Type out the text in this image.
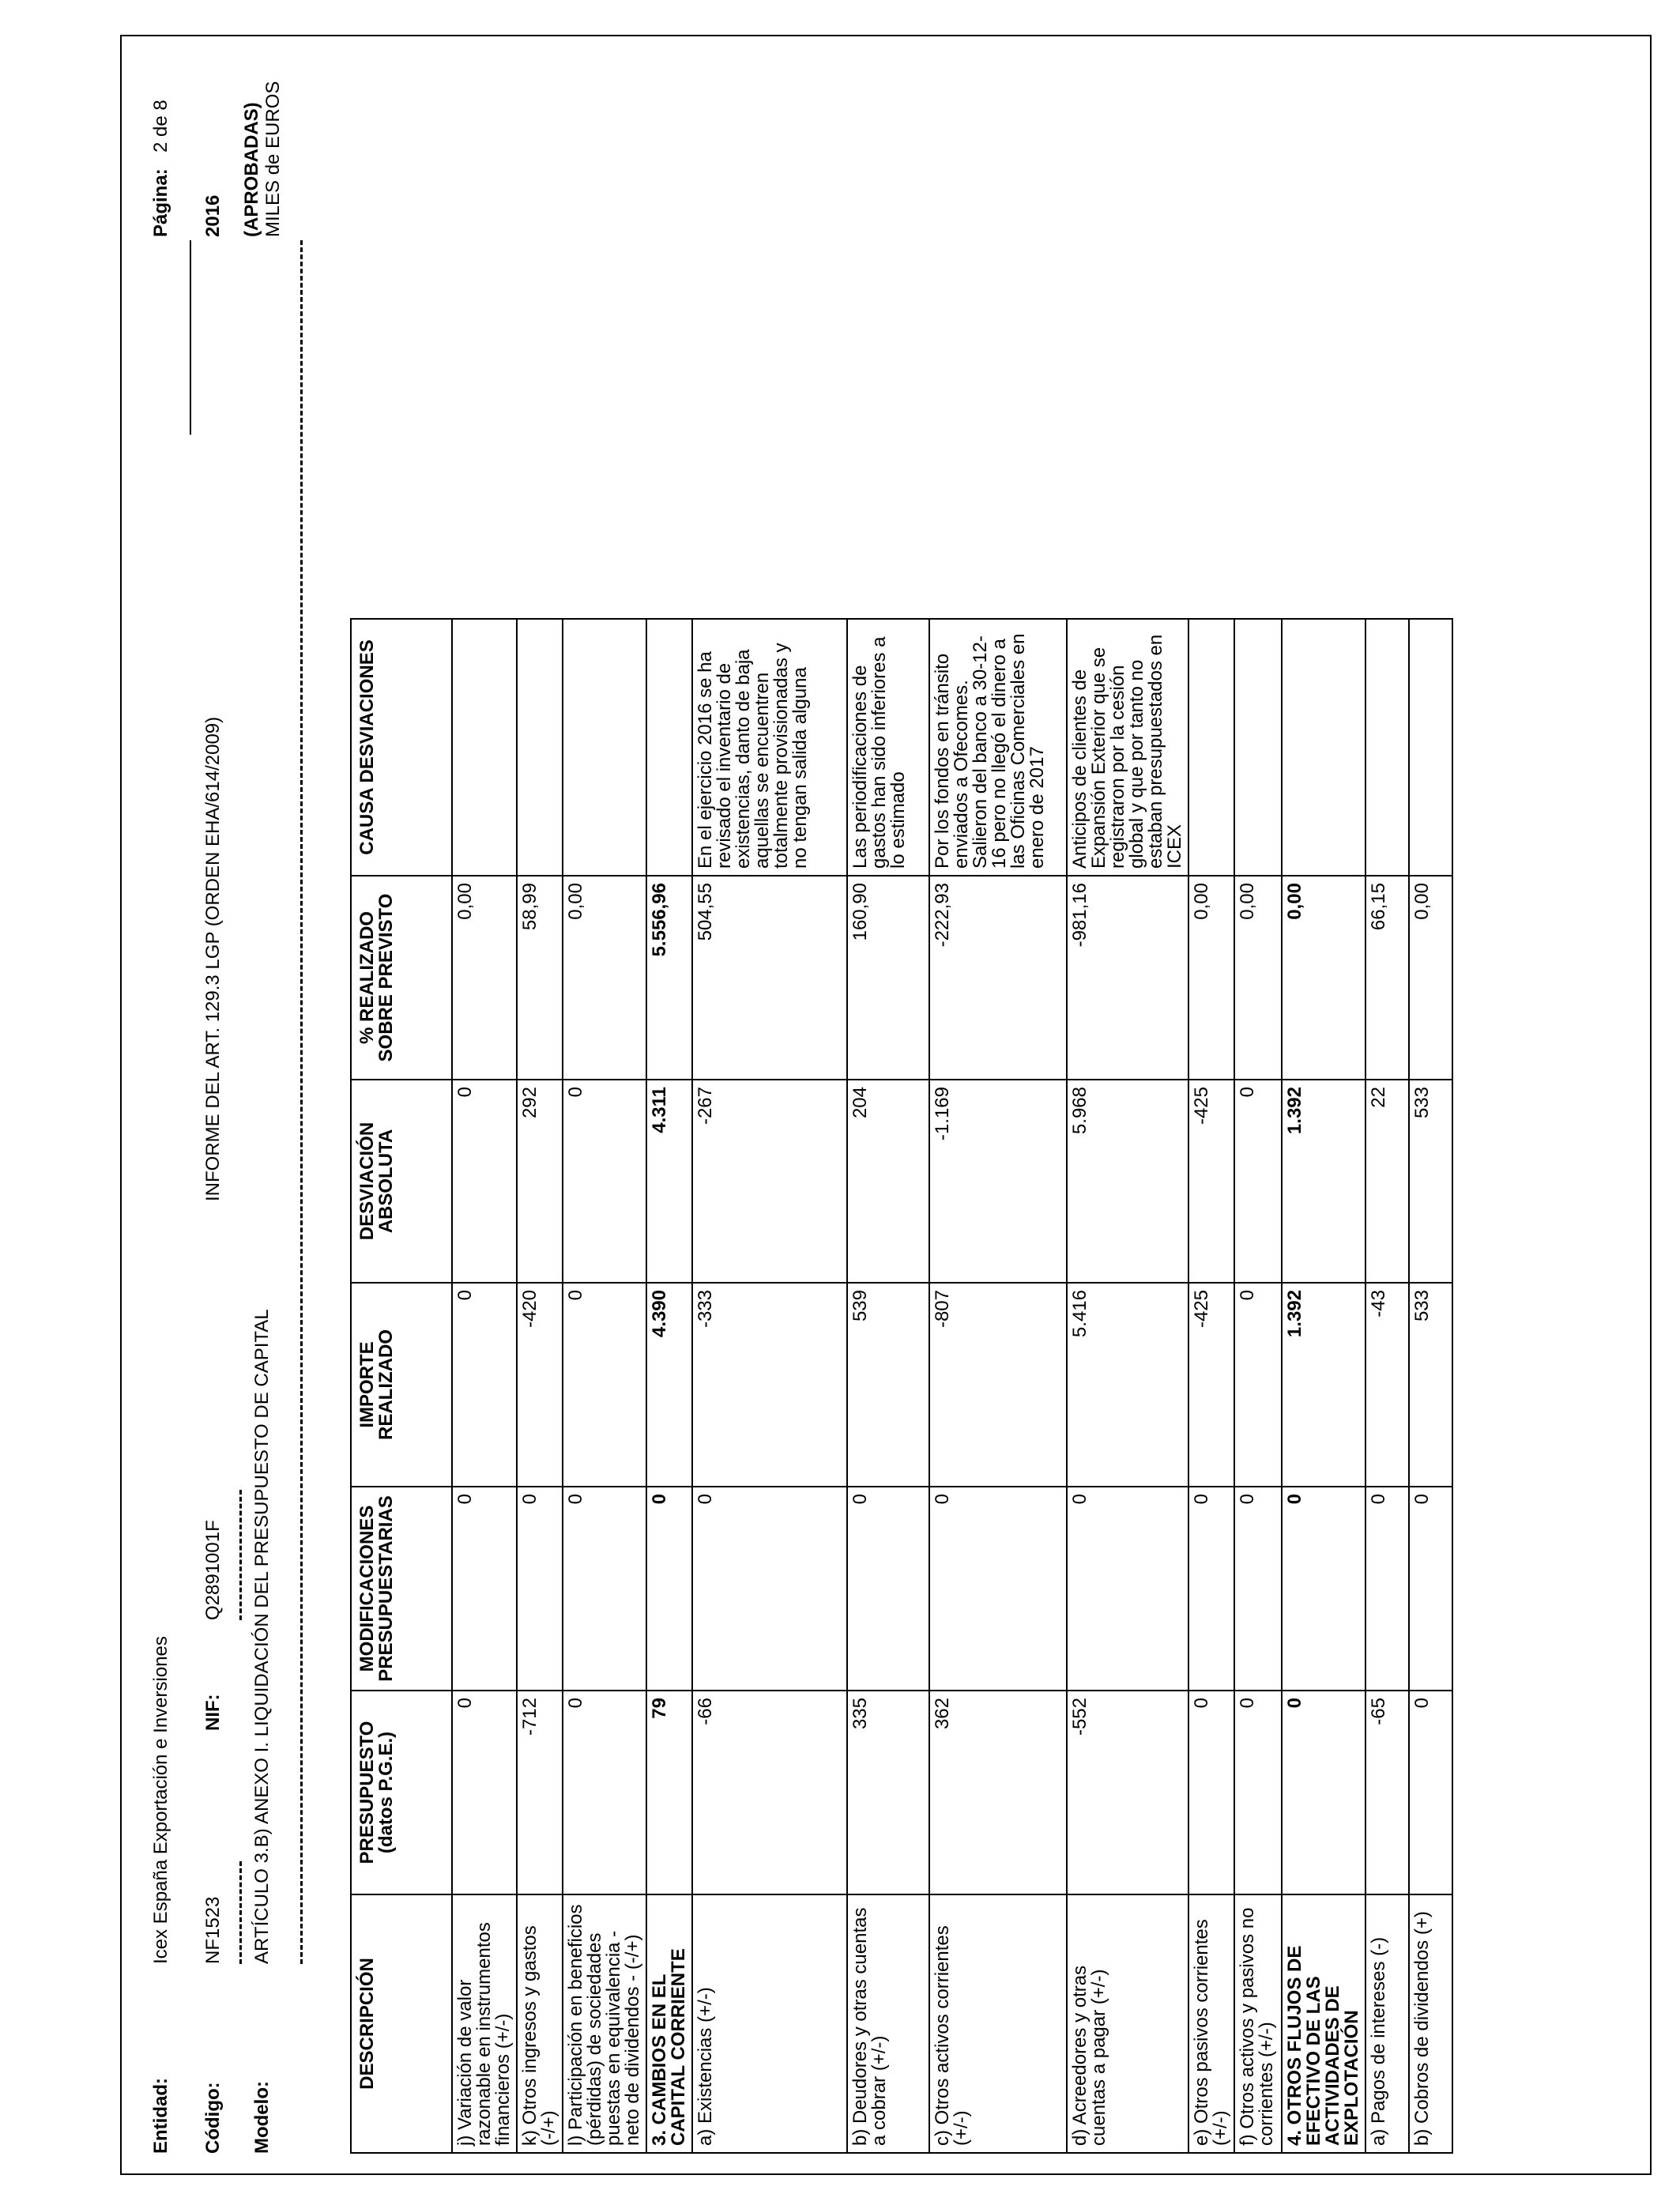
Entidad:
Icex España Exportación e Inversiones
Código:
NF1523
NIF:
Q2891001F
INFORME DEL ART. 129.3 LGP (ORDEN EHA/614/2009)
Modelo:
ARTÍCULO 3.B) ANEXO I. LIQUIDACIÓN DEL PRESUPUESTO DE CAPITAL
Página:
2 de 8
2016 (APROBADAS) MILES de EUROS
DESCRIPCIÓN	PRESUPUESTO (datos P.G.E.)	MODIFICACIONES PRESUPUESTARIAS	IMPORTE REALIZADO	DESVIACIÓN ABSOLUTA	% REALIZADO SOBRE PREVISTO	CAUSA DESVIACIONES
j) Variación de valor razonable en instrumentos financieros (+/-)	0	0	0	0	0,00	
k) Otros ingresos y gastos (-/+)	-712	0	-420	292	58,99	
l) Participación en beneficios (pérdidas) de sociedades puestas en equivalencia - neto de dividendos - (-/+)	0	0	0	0	0,00	
3. CAMBIOS EN EL CAPITAL CORRIENTE	79	0	4.390	4.311	5.556,96	
a) Existencias (+/-)	-66	0	-333	-267	504,55	En el ejercicio 2016 se ha revisado el inventario de existencias, danto de baja aquellas se encuentren totalmente provisionadas y no tengan salida alguna
b) Deudores y otras cuentas a cobrar (+/-)	335	0	539	204	160,90	Las periodificaciones de gastos han sido inferiores a lo estimado
c) Otros activos corrientes (+/-)	362	0	-807	-1.169	-222,93	Por los fondos en tránsito enviados a Ofecomes. Salieron del banco a 30-12-16 pero no llegó el dinero a las Oficinas Comerciales en enero de 2017
d) Acreedores y otras cuentas a pagar (+/-)	-552	0	5.416	5.968	-981,16	Anticipos de clientes de Expansión Exterior que se registraron por la cesión global y que por tanto no estaban presupuestados en ICEX
e) Otros pasivos corrientes (+/-)	0	0	-425	-425	0,00	
f) Otros activos y pasivos no corrientes (+/-)	0	0	0	0	0,00	
4. OTROS FLUJOS DE EFECTIVO DE LAS ACTIVIDADES DE EXPLOTACIÓN	0	0	1.392	1.392	0,00	
a) Pagos de intereses (-)	-65	0	-43	22	66,15	
b) Cobros de dividendos (+)	0	0	533	533	0,00	
